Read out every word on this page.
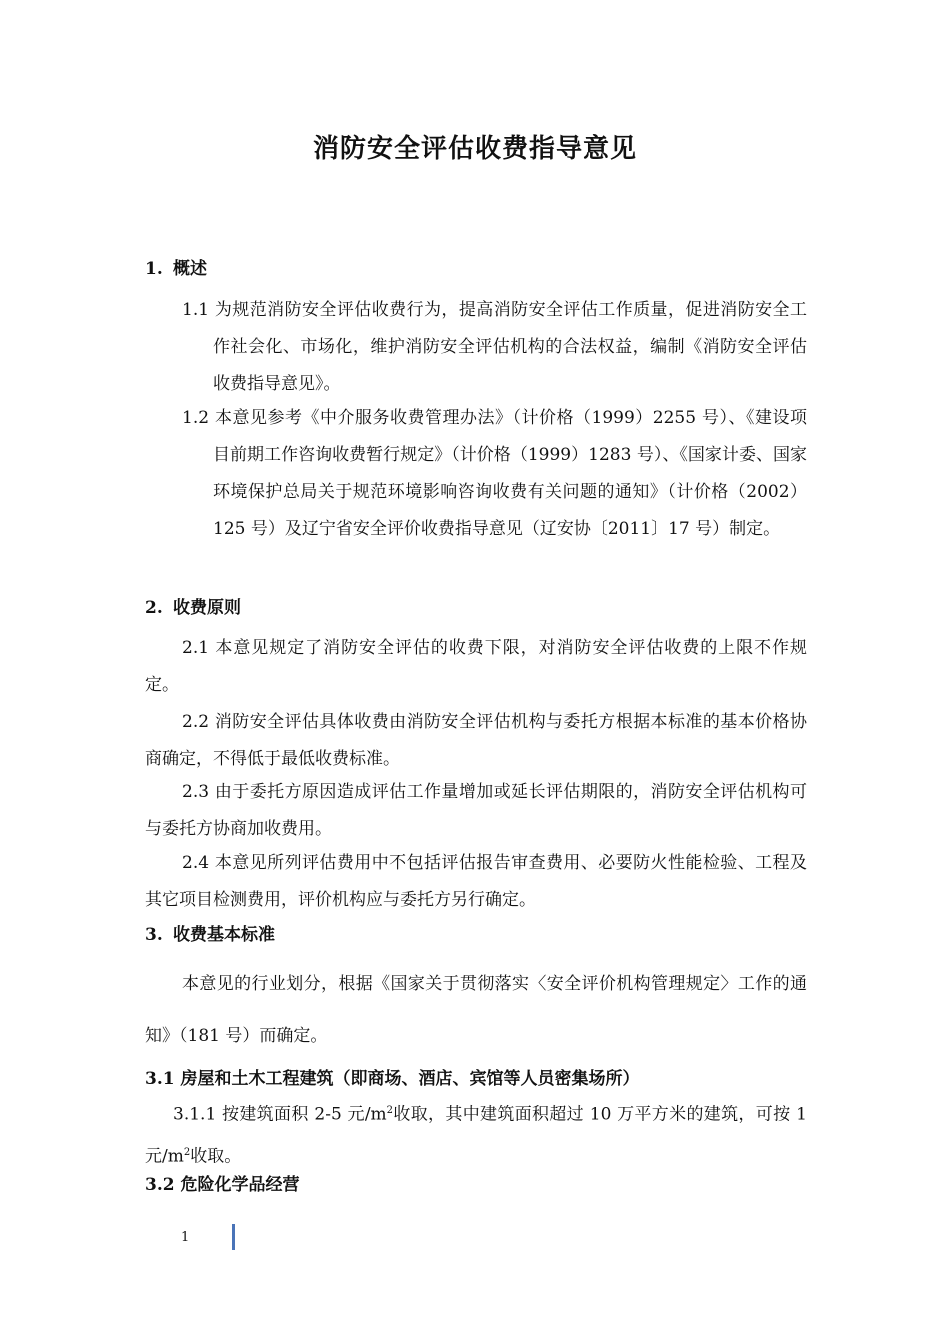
消防安全评估收费指导意见
1. 概述
1.1 为规范消防安全评估收费行为，提高消防安全评估工作质量，促进消防安全工作社会化、市场化，维护消防安全评估机构的合法权益，编制《消防安全评估收费指导意见》。
1.2 本意见参考《中介服务收费管理办法》（计价格（1999）2255 号）、《建设项目前期工作咨询收费暂行规定》（计价格（1999）1283 号）、《国家计委、国家环境保护总局关于规范环境影响咨询收费有关问题的通知》（计价格（2002）125 号）及辽宁省安全评价收费指导意见（辽安协〔2011〕17 号）制定。
2. 收费原则
2.1 本意见规定了消防安全评估的收费下限，对消防安全评估收费的上限不作规定。
2.2 消防安全评估具体收费由消防安全评估机构与委托方根据本标准的基本价格协商确定，不得低于最低收费标准。
2.3 由于委托方原因造成评估工作量增加或延长评估期限的，消防安全评估机构可与委托方协商加收费用。
2.4 本意见所列评估费用中不包括评估报告审查费用、必要防火性能检验、工程及其它项目检测费用，评价机构应与委托方另行确定。
3. 收费基本标准
本意见的行业划分，根据《国家关于贯彻落实〈安全评价机构管理规定〉工作的通知》（181 号）而确定。
3.1 房屋和土木工程建筑（即商场、酒店、宾馆等人员密集场所）
3.1.1 按建筑面积 2-5 元$/m^2$收取，其中建筑面积超过 10 万平方米的建筑，可按 1 元$/m^2$收取。
3.2 危险化学品经营
1
